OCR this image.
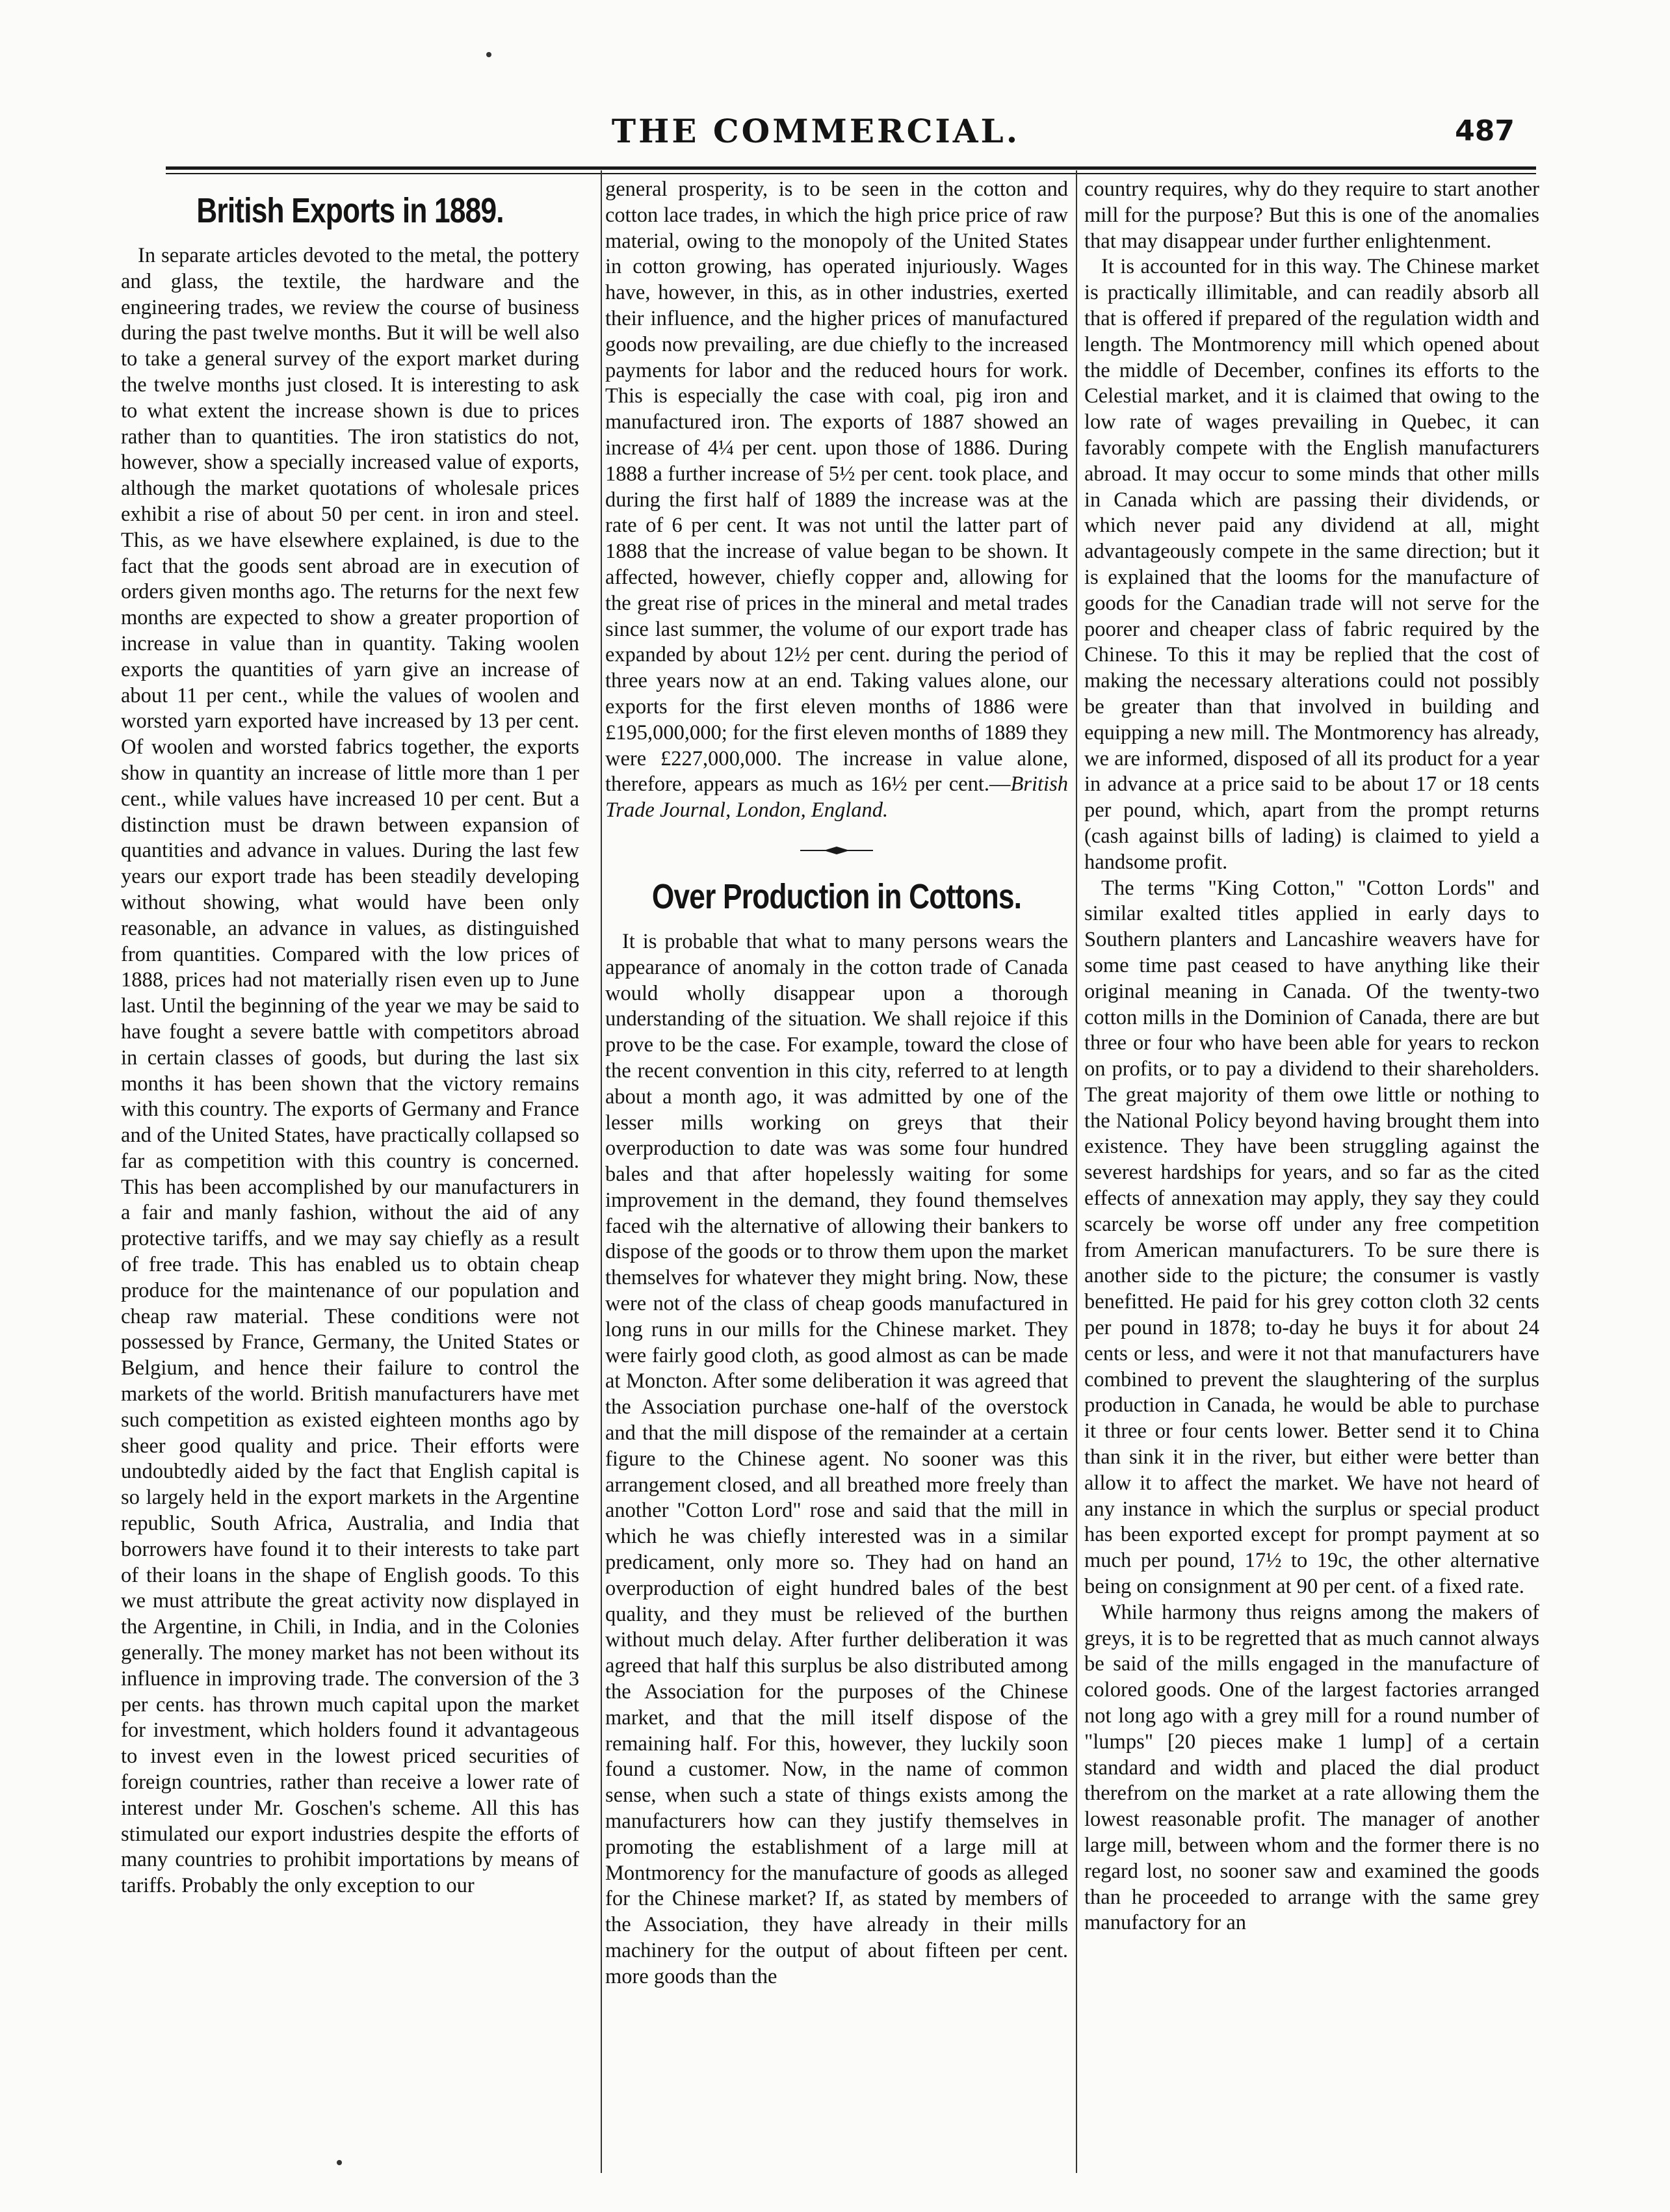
THE COMMERCIAL.	487
British Exports in 1889.

In separate articles devoted to the metal, the pottery and glass, the textile, the hardware and the engineering trades, we review the course of business during the past twelve months. But it will be well also to take a general survey of the export market during the twelve months just closed. It is interesting to ask to what extent the increase shown is due to prices rather than to quantities. The iron statistics do not, however, show a specially increased value of exports, although the market quotations of wholesale prices exhibit a rise of about 50 per cent. in iron and steel. This, as we have elsewhere explained, is due to the fact that the goods sent abroad are in execution of orders given months ago. The returns for the next few months are expected to show a greater proportion of increase in value than in quantity. Taking woolen exports the quantities of yarn give an increase of about 11 per cent., while the values of woolen and worsted yarn exported have increased by 13 per cent. Of woolen and worsted fabrics together, the exports show in quantity an increase of little more than 1 per cent., while values have increased 10 per cent. But a distinction must be drawn between expansion of quantities and advance in values. During the last few years our export trade has been steadily developing without showing, what would have been only reasonable, an advance in values, as distinguished from quantities. Compared with the low prices of 1888, prices had not materially risen even up to June last. Until the beginning of the year we may be said to have fought a severe battle with competitors abroad in certain classes of goods, but during the last six months it has been shown that the victory remains with this country. The exports of Germany and France and of the United States, have practically collapsed so far as competition with this country is concerned. This has been accomplished by our manufacturers in a fair and manly fashion, without the aid of any protective tariffs, and we may say chiefly as a result of free trade. This has enabled us to obtain cheap produce for the maintenance of our population and cheap raw material. These conditions were not possessed by France, Germany, the United States or Belgium, and hence their failure to control the markets of the world. British manufacturers have met such competition as existed eighteen months ago by sheer good quality and price. Their efforts were undoubtedly aided by the fact that English capital is so largely held in the export markets in the Argentine republic, South Africa, Australia, and India that borrowers have found it to their interests to take part of their loans in the shape of English goods. To this we must attribute the great activity now displayed in the Argentine, in Chili, in India, and in the Colonies generally. The money market has not been without its influence in improving trade. The conversion of the 3 per cents. has thrown much capital upon the market for investment, which holders found it advantageous to invest even in the lowest priced securities of foreign countries, rather than receive a lower rate of interest under Mr. Goschen's scheme. All this has stimulated our export industries despite the efforts of many countries to prohibit importations by means of tariffs. Probably the only exception to our

general prosperity, is to be seen in the cotton and cotton lace trades, in which the high price price of raw material, owing to the monopoly of the United States in cotton growing, has operated injuriously. Wages have, however, in this, as in other industries, exerted their influence, and the higher prices of manufactured goods now prevailing, are due chiefly to the increased payments for labor and the reduced hours for work. This is especially the case with coal, pig iron and manufactured iron. The exports of 1887 showed an increase of 4¼ per cent. upon those of 1886. During 1888 a further increase of 5½ per cent. took place, and during the first half of 1889 the increase was at the rate of 6 per cent. It was not until the latter part of 1888 that the increase of value began to be shown. It affected, however, chiefly copper and, allowing for the great rise of prices in the mineral and metal trades since last summer, the volume of our export trade has expanded by about 12½ per cent. during the period of three years now at an end. Taking values alone, our exports for the first eleven months of 1886 were £195,000,000; for the first eleven months of 1889 they were £227,000,000. The increase in value alone, therefore, appears as much as 16½ per cent.—British Trade Journal, London, England.

Over Production in Cottons.

It is probable that what to many persons wears the appearance of anomaly in the cotton trade of Canada would wholly disappear upon a thorough understanding of the situation. We shall rejoice if this prove to be the case. For example, toward the close of the recent convention in this city, referred to at length about a month ago, it was admitted by one of the lesser mills working on greys that their overproduction to date was was some four hundred bales and that after hopelessly waiting for some improvement in the demand, they found themselves faced wih the alternative of allowing their bankers to dispose of the goods or to throw them upon the market themselves for whatever they might bring. Now, these were not of the class of cheap goods manufactured in long runs in our mills for the Chinese market. They were fairly good cloth, as good almost as can be made at Moncton. After some deliberation it was agreed that the Association purchase one-half of the overstock and that the mill dispose of the remainder at a certain figure to the Chinese agent. No sooner was this arrangement closed, and all breathed more freely than another "Cotton Lord" rose and said that the mill in which he was chiefly interested was in a similar predicament, only more so. They had on hand an overproduction of eight hundred bales of the best quality, and they must be relieved of the burthen without much delay. After further deliberation it was agreed that half this surplus be also distributed among the Association for the purposes of the Chinese market, and that the mill itself dispose of the remaining half. For this, however, they luckily soon found a customer. Now, in the name of common sense, when such a state of things exists among the manufacturers how can they justify themselves in promoting the establishment of a large mill at Montmorency for the manufacture of goods as alleged for the Chinese market? If, as stated by members of the Association, they have already in their mills machinery for the output of about fifteen per cent. more goods than the

country requires, why do they require to start another mill for the purpose? But this is one of the anomalies that may disappear under further enlightenment.

It is accounted for in this way. The Chinese market is practically illimitable, and can readily absorb all that is offered if prepared of the regulation width and length. The Montmorency mill which opened about the middle of December, confines its efforts to the Celestial market, and it is claimed that owing to the low rate of wages prevailing in Quebec, it can favorably compete with the English manufacturers abroad. It may occur to some minds that other mills in Canada which are passing their dividends, or which never paid any dividend at all, might advantageously compete in the same direction; but it is explained that the looms for the manufacture of goods for the Canadian trade will not serve for the poorer and cheaper class of fabric required by the Chinese. To this it may be replied that the cost of making the necessary alterations could not possibly be greater than that involved in building and equipping a new mill. The Montmorency has already, we are informed, disposed of all its product for a year in advance at a price said to be about 17 or 18 cents per pound, which, apart from the prompt returns (cash against bills of lading) is claimed to yield a handsome profit.

The terms "King Cotton," "Cotton Lords" and similar exalted titles applied in early days to Southern planters and Lancashire weavers have for some time past ceased to have anything like their original meaning in Canada. Of the twenty-two cotton mills in the Dominion of Canada, there are but three or four who have been able for years to reckon on profits, or to pay a dividend to their shareholders. The great majority of them owe little or nothing to the National Policy beyond having brought them into existence. They have been struggling against the severest hardships for years, and so far as the cited effects of annexation may apply, they say they could scarcely be worse off under any free competition from American manufacturers. To be sure there is another side to the picture; the consumer is vastly benefitted. He paid for his grey cotton cloth 32 cents per pound in 1878; to-day he buys it for about 24 cents or less, and were it not that manufacturers have combined to prevent the slaughtering of the surplus production in Canada, he would be able to purchase it three or four cents lower. Better send it to China than sink it in the river, but either were better than allow it to affect the market. We have not heard of any instance in which the surplus or special product has been exported except for prompt payment at so much per pound, 17½ to 19c, the other alternative being on consignment at 90 per cent. of a fixed rate.

While harmony thus reigns among the makers of greys, it is to be regretted that as much cannot always be said of the mills engaged in the manufacture of colored goods. One of the largest factories arranged not long ago with a grey mill for a round number of "lumps" [20 pieces make 1 lump] of a certain standard and width and placed the dial product therefrom on the market at a rate allowing them the lowest reasonable profit. The manager of another large mill, between whom and the former there is no regard lost, no sooner saw and examined the goods than he proceeded to arrange with the same grey manufactory for an
